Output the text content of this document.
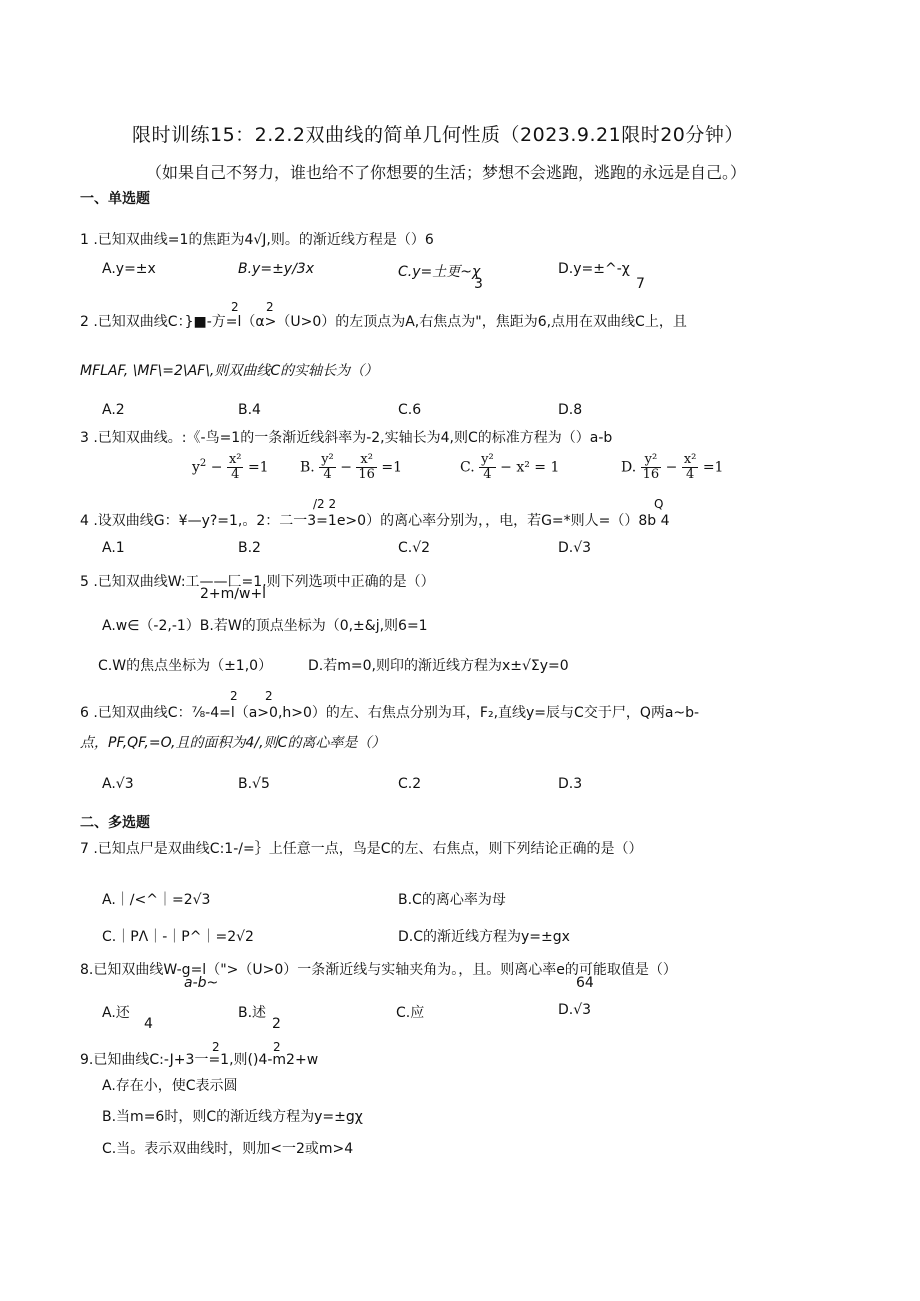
限时训练15：2.2.2双曲线的简单几何性质（2023.9.21限时20分钟）
（如果自己不努力，谁也给不了你想要的生活；梦想不会逃跑，逃跑的永远是自己。）
一、单选题
1 .已知双曲线=1的焦距为4√J,则。的渐近线方程是（）6
A.y=±x	B.y=±y∕3x	C.y=土更~χ
3
D.y=±^-χ
7
2 2
2 .已知双曲线C：}■-方=l（α>（U>0）的左顶点为A,右焦点为"，焦距为6,点用在双曲线C上，且
MFLAF, \MF\=2\AF\,则双曲线C的实轴长为（）
A.2	B.4	C.6	D.8
3 .已知双曲线。:《-鸟=1的一条渐近线斜率为-2,实轴长为4,则C的标准方程为（）a-b
$y^2 - \frac{\text{x²}}{4} =1$ B. $\frac{\text{y²}}{4} - \frac{\text{x²}}{16} =1$	C. $\frac{\text{y²}}{4} - x^2 = 1$	D. $\frac{\text{y²}}{16} - \frac{\text{x²}}{4} =1$
/2 2	Q
4 .设双曲线G：¥—y?=1,。2：二一3=1e>0）的离心率分别为，，电，若G=*则人=（）8b 4
A.1	B.2	C.√2	D.√3
5 .已知双曲线W:工——匚=1,则下列选项中正确的是（）
2+m∕w+l
A.w∈（-2,-1）B.若W的顶点坐标为（0,±&j,则6=1
C.W的焦点坐标为（±1,0）	D.若m=0,则印的渐近线方程为x±√Σy=0
2 2
6 .已知双曲线C：⅞-4=l（a>0,h>0）的左、右焦点分别为耳，F₂,直线y=辰与C交于尸，Q两a~b-
点，PF,QF,=O,且的面积为4/,则C的离心率是（）
A.√3	B.√5	C.2	D.3
二、多选题
7 .已知点尸是双曲线C:1-/=｝上任意一点，鸟是C的左、右焦点，则下列结论正确的是（）
A.｜∕<^｜=2√3	B.C的离心率为母
C.｜PΛ｜-｜P^｜=2√2	D.C的渐近线方程为y=±gx
8.已知双曲线W-g=l（">（U>0）一条渐近线与实轴夹角为。，且。则离心率e的可能取值是（）
a-b~	64
A.还
4
B.述
2
C.应	D.√3
2	2
9.已知曲线C:-J+3一=1,则()4-m2+w
A.存在小，使C表示圆
B.当m=6时，则C的渐近线方程为y=±gχ
C.当。表示双曲线时，则加<一2或m>4
